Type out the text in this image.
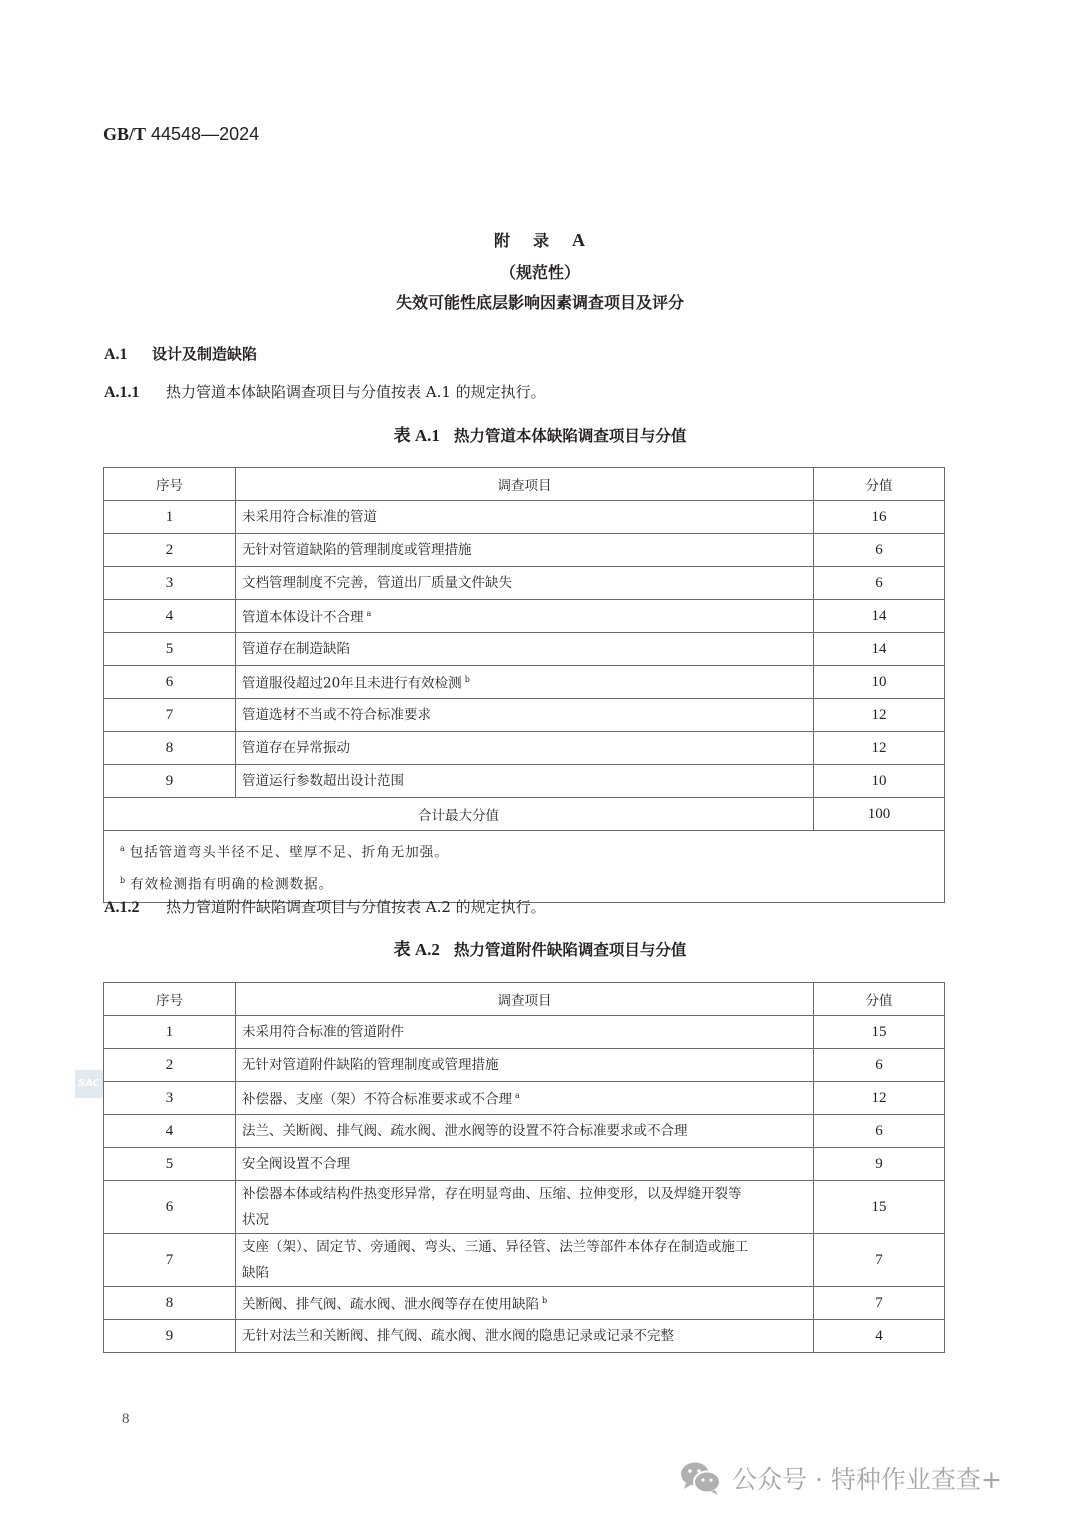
GB/T 44548—2024
附 录 A
（规范性）
失效可能性底层影响因素调查项目及评分
A.1 设计及制造缺陷
A.1.1 热力管道本体缺陷调查项目与分值按表 A.1 的规定执行。
表 A.1 热力管道本体缺陷调查项目与分值
序号	调查项目	分值
1	未采用符合标准的管道	16
2	无针对管道缺陷的管理制度或管理措施	6
3	文档管理制度不完善，管道出厂质量文件缺失	6
4	管道本体设计不合理 $^a$	14
5	管道存在制造缺陷	14
6	管道服役超过20年且未进行有效检测 $^b$	10
7	管道选材不当或不符合标准要求	12
8	管道存在异常振动	12
9	管道运行参数超出设计范围	10
合计最大分值		100

$^a$ 包括管道弯头半径不足、壁厚不足、折角无加强。
$^b$ 有效检测指有明确的检测数据。		
A.1.2 热力管道附件缺陷调查项目与分值按表 A.2 的规定执行。
表 A.2 热力管道附件缺陷调查项目与分值
SAC
序号	调查项目	分值
1	未采用符合标准的管道附件	15
2	无针对管道附件缺陷的管理制度或管理措施	6
3	补偿器、支座（架）不符合标准要求或不合理 $^a$	12
4	法兰、关断阀、排气阀、疏水阀、泄水阀等的设置不符合标准要求或不合理	6
5	安全阀设置不合理	9
6	补偿器本体或结构件热变形异常，存在明显弯曲、压缩、拉伸变形，以及焊缝开裂等状况	15
7	支座（架）、固定节、旁通阀、弯头、三通、异径管、法兰等部件本体存在制造或施工缺陷	7
8	关断阀、排气阀、疏水阀、泄水阀等存在使用缺陷 $^b$	7
9	无针对法兰和关断阀、排气阀、疏水阀、泄水阀的隐患记录或记录不完整	4
8
公众号 · 特种作业查查+
